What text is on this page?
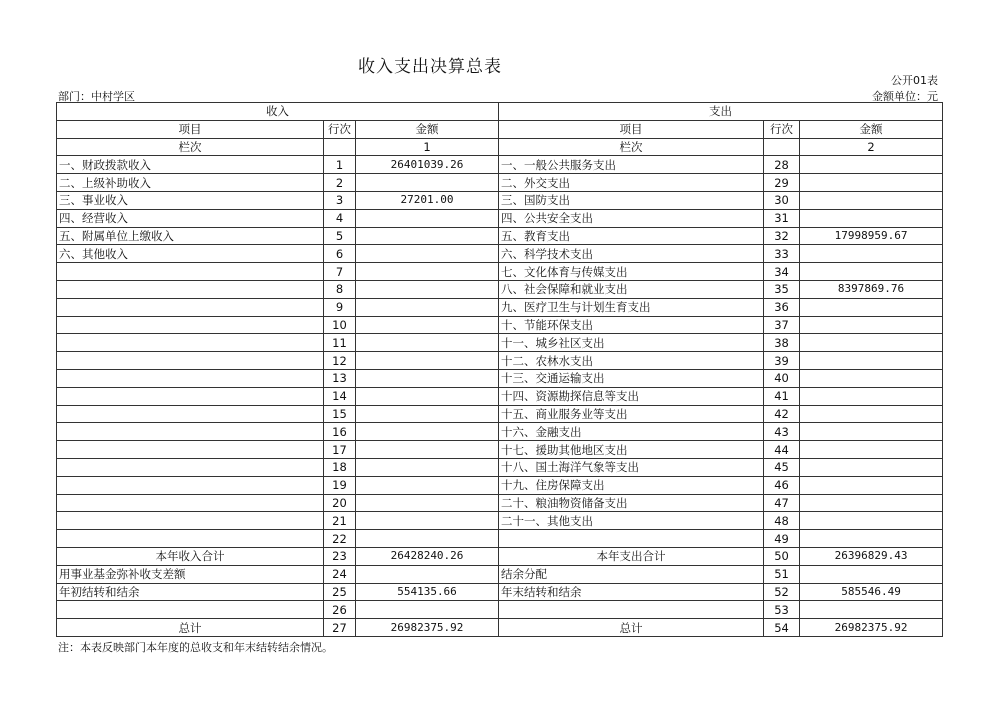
收入支出决算总表
公开01表
部门：中村学区	金额单位：元
收入			支出		
项目	行次	金额	项目	行次	金额
栏次		1	栏次		2
一、财政拨款收入	1	26401039.26	一、一般公共服务支出	28	
二、上级补助收入	2		二、外交支出	29	
三、事业收入	3	27201.00	三、国防支出	30	
四、经营收入	4		四、公共安全支出	31	
五、附属单位上缴收入	5		五、教育支出	32	17998959.67
六、其他收入	6		六、科学技术支出	33	
	7		七、文化体育与传媒支出	34	
	8		八、社会保障和就业支出	35	8397869.76
	9		九、医疗卫生与计划生育支出	36	
	10		十、节能环保支出	37	
	11		十一、城乡社区支出	38	
	12		十二、农林水支出	39	
	13		十三、交通运输支出	40	
	14		十四、资源勘探信息等支出	41	
	15		十五、商业服务业等支出	42	
	16		十六、金融支出	43	
	17		十七、援助其他地区支出	44	
	18		十八、国土海洋气象等支出	45	
	19		十九、住房保障支出	46	
	20		二十、粮油物资储备支出	47	
	21		二十一、其他支出	48	
	22			49	
本年收入合计	23	26428240.26	本年支出合计	50	26396829.43
用事业基金弥补收支差额	24		结余分配	51	
年初结转和结余	25	554135.66	年末结转和结余	52	585546.49
	26			53	
总计	27	26982375.92	总计	54	26982375.92
注：本表反映部门本年度的总收支和年末结转结余情况。
